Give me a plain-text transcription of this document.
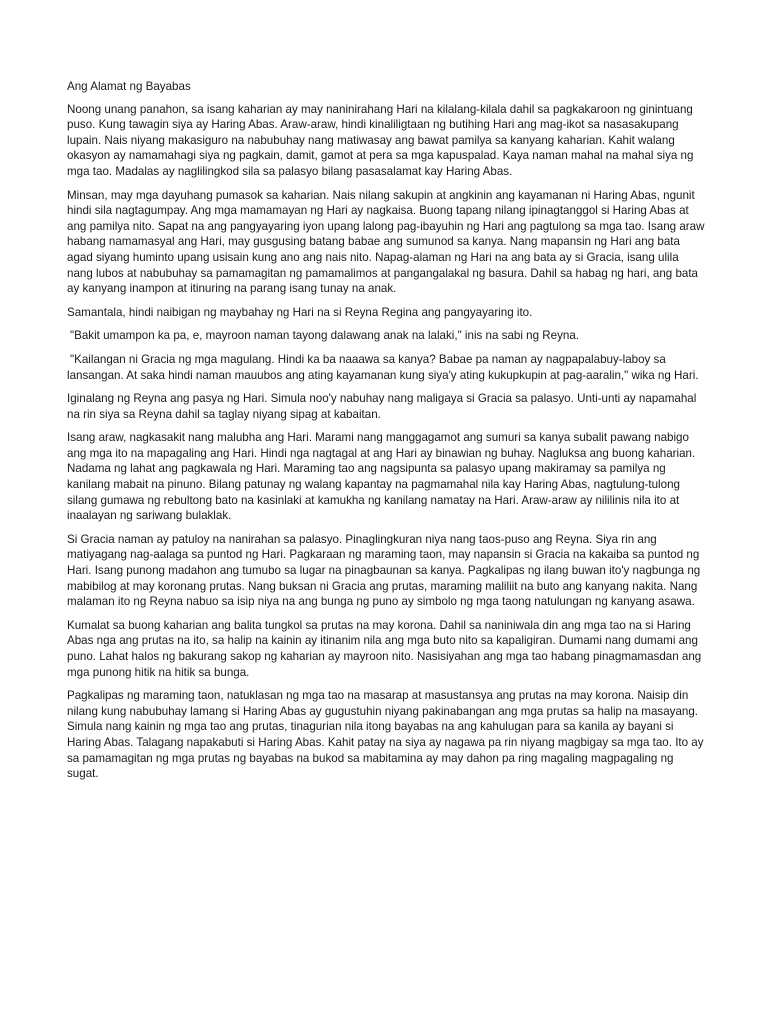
Ang Alamat ng Bayabas

Noong unang panahon, sa isang kaharian ay may naninirahang Hari na kilalang-kilala dahil sa pagkakaroon ng ginintuang puso. Kung tawagin siya ay Haring Abas. Araw-araw, hindi kinaliligtaan ng butihing Hari ang mag-ikot sa nasasakupang lupain. Nais niyang makasiguro na nabubuhay nang matiwasay ang bawat pamilya sa kanyang kaharian. Kahit walang okasyon ay namamahagi siya ng pagkain, damit, gamot at pera sa mga kapuspalad. Kaya naman mahal na mahal siya ng mga tao. Madalas ay naglilingkod sila sa palasyo bilang pasasalamat kay Haring Abas.

Minsan, may mga dayuhang pumasok sa kaharian. Nais nilang sakupin at angkinin ang kayamanan ni Haring Abas, ngunit hindi sila nagtagumpay. Ang mga mamamayan ng Hari ay nagkaisa. Buong tapang nilang ipinagtanggol si Haring Abas at ang pamilya nito. Sapat na ang pangyayaring iyon upang lalong pag-ibayuhin ng Hari ang pagtulong sa mga tao. Isang araw habang namamasyal ang Hari, may gusgusing batang babae ang sumunod sa kanya. Nang mapansin ng Hari ang bata agad siyang huminto upang usisain kung ano ang nais nito. Napag-alaman ng Hari na ang bata ay si Gracia, isang ulila nang lubos at nabubuhay sa pamamagitan ng pamamalimos at pangangalakal ng basura. Dahil sa habag ng hari, ang bata ay kanyang inampon at itinuring na parang isang tunay na anak.

Samantala, hindi naibigan ng maybahay ng Hari na si Reyna Regina ang pangyayaring ito.

"Bakit umampon ka pa, e, mayroon naman tayong dalawang anak na lalaki," inis na sabi ng Reyna.

"Kailangan ni Gracia ng mga magulang. Hindi ka ba naaawa sa kanya? Babae pa naman ay nagpapalabuy-laboy sa lansangan. At saka hindi naman mauubos ang ating kayamanan kung siya'y ating kukupkupin at pag-aaralin," wika ng Hari.

Iginalang ng Reyna ang pasya ng Hari. Simula noo'y nabuhay nang maligaya si Gracia sa palasyo. Unti-unti ay napamahal na rin siya sa Reyna dahil sa taglay niyang sipag at kabaitan.

Isang araw, nagkasakit nang malubha ang Hari. Marami nang manggagamot ang sumuri sa kanya subalit pawang nabigo ang mga ito na mapagaling ang Hari. Hindi nga nagtagal at ang Hari ay binawian ng buhay. Nagluksa ang buong kaharian. Nadama ng lahat ang pagkawala ng Hari. Maraming tao ang nagsipunta sa palasyo upang makiramay sa pamilya ng kanilang mabait na pinuno. Bilang patunay ng walang kapantay na pagmamahal nila kay Haring Abas, nagtulung-tulong silang gumawa ng rebultong bato na kasinlaki at kamukha ng kanilang namatay na Hari. Araw-araw ay nililinis nila ito at inaalayan ng sariwang bulaklak.

Si Gracia naman ay patuloy na nanirahan sa palasyo. Pinaglingkuran niya nang taos-puso ang Reyna. Siya rin ang matiyagang nag-aalaga sa puntod ng Hari. Pagkaraan ng maraming taon, may napansin si Gracia na kakaiba sa puntod ng Hari. Isang punong madahon ang tumubo sa lugar na pinagbaunan sa kanya. Pagkalipas ng ilang buwan ito'y nagbunga ng mabibilog at may koronang prutas. Nang buksan ni Gracia ang prutas, maraming maliliit na buto ang kanyang nakita. Nang malaman ito ng Reyna nabuo sa isip niya na ang bunga ng puno ay simbolo ng mga taong natulungan ng kanyang asawa.

Kumalat sa buong kaharian ang balita tungkol sa prutas na may korona. Dahil sa naniniwala din ang mga tao na si Haring Abas nga ang prutas na ito, sa halip na kainin ay itinanim nila ang mga buto nito sa kapaligiran. Dumami nang dumami ang puno. Lahat halos ng bakurang sakop ng kaharian ay mayroon nito. Nasisiyahan ang mga tao habang pinagmamasdan ang mga punong hitik na hitik sa bunga.

Pagkalipas ng maraming taon, natuklasan ng mga tao na masarap at masustansya ang prutas na may korona. Naisip din nilang kung nabubuhay lamang si Haring Abas ay gugustuhin niyang pakinabangan ang mga prutas sa halip na masayang. Simula nang kainin ng mga tao ang prutas, tinagurian nila itong bayabas na ang kahulugan para sa kanila ay bayani si Haring Abas. Talagang napakabuti si Haring Abas. Kahit patay na siya ay nagawa pa rin niyang magbigay sa mga tao. Ito ay sa pamamagitan ng mga prutas ng bayabas na bukod sa mabitamina ay may dahon pa ring magaling magpagaling ng sugat.
